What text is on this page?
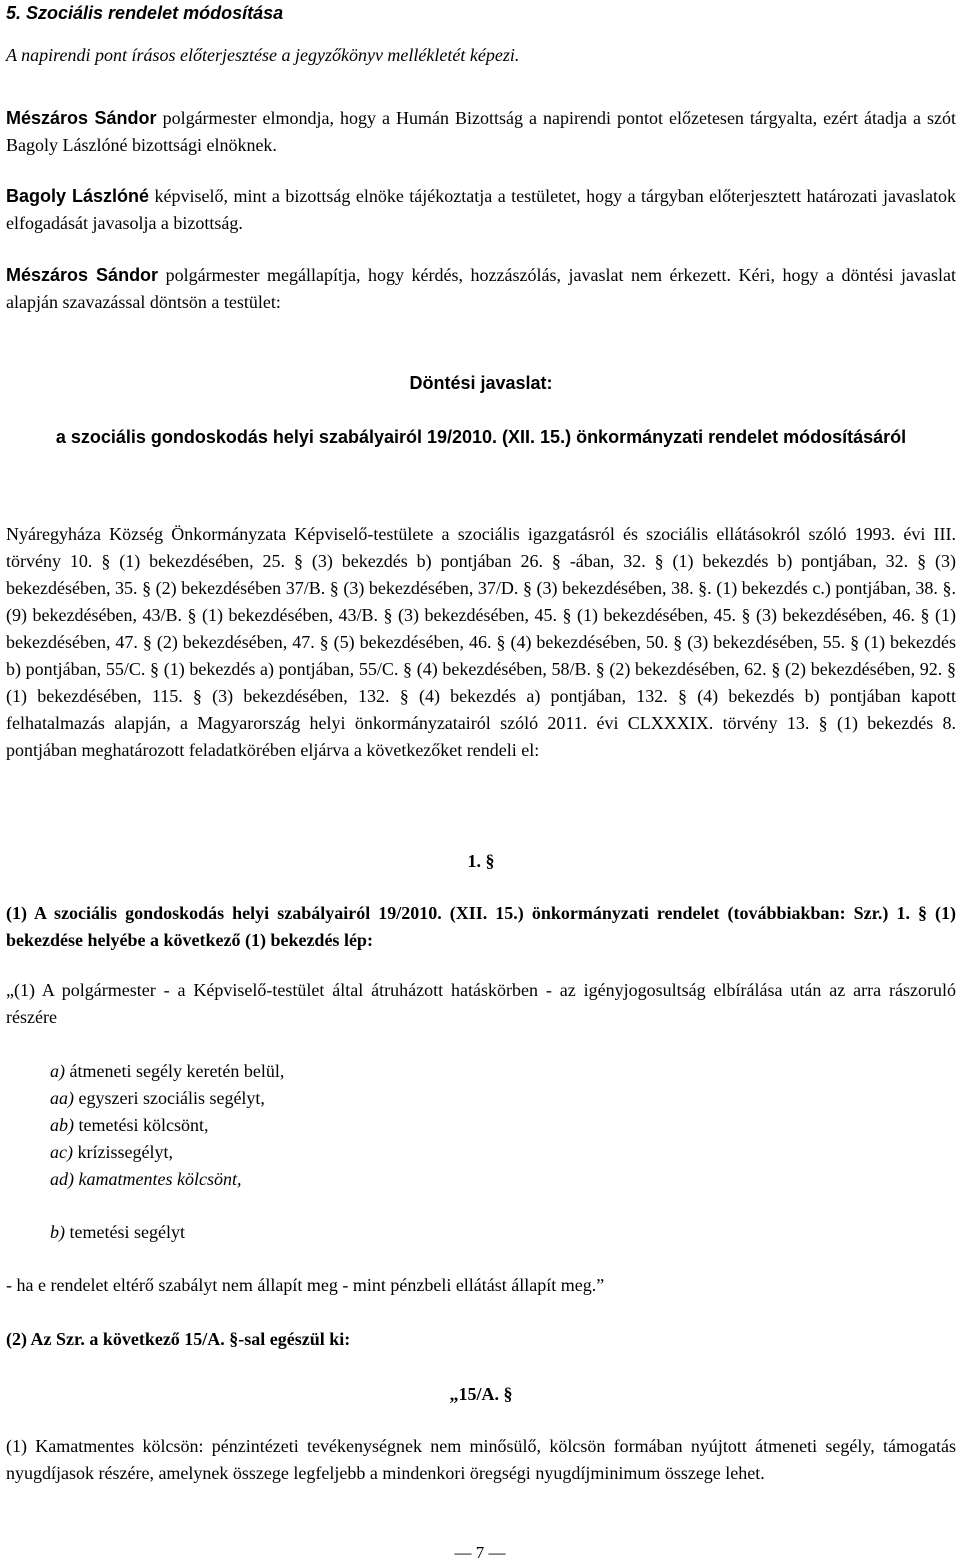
5. Szociális rendelet módosítása
A napirendi pont írásos előterjesztése a jegyzőkönyv mellékletét képezi.
Mészáros Sándor polgármester elmondja, hogy a Humán Bizottság a napirendi pontot előzetesen tárgyalta, ezért átadja a szót Bagoly Lászlóné bizottsági elnöknek.
Bagoly Lászlóné képviselő, mint a bizottság elnöke tájékoztatja a testületet, hogy a tárgyban előterjesztett határozati javaslatok elfogadását javasolja a bizottság.
Mészáros Sándor polgármester megállapítja, hogy kérdés, hozzászólás, javaslat nem érkezett. Kéri, hogy a döntési javaslat alapján szavazással döntsön a testület:
Döntési javaslat:
a szociális gondoskodás helyi szabályairól 19/2010. (XII. 15.) önkormányzati rendelet módosításáról
Nyáregyháza Község Önkormányzata Képviselő-testülete a szociális igazgatásról és szociális ellátásokról szóló 1993. évi III. törvény 10. § (1) bekezdésében, 25. § (3) bekezdés b) pontjában 26. § -ában, 32. § (1) bekezdés b) pontjában, 32. § (3) bekezdésében, 35. § (2) bekezdésében 37/B. § (3) bekezdésében, 37/D. § (3) bekezdésében, 38. §. (1) bekezdés c.) pontjában, 38. §. (9) bekezdésében, 43/B. § (1) bekezdésében, 43/B. § (3) bekezdésében, 45. § (1) bekezdésében, 45. § (3) bekezdésében, 46. § (1) bekezdésében, 47. § (2) bekezdésében, 47. § (5) bekezdésében, 46. § (4) bekezdésében, 50. § (3) bekezdésében, 55. § (1) bekezdés b) pontjában, 55/C. § (1) bekezdés a) pontjában, 55/C. § (4) bekezdésében, 58/B. § (2) bekezdésében, 62. § (2) bekezdésében, 92. § (1) bekezdésében, 115. § (3) bekezdésében, 132. § (4) bekezdés a) pontjában, 132. § (4) bekezdés b) pontjában kapott felhatalmazás alapján, a Magyarország helyi önkormányzatairól szóló 2011. évi CLXXXIX. törvény 13. § (1) bekezdés 8. pontjában meghatározott feladatkörében eljárva a következőket rendeli el:
1. §
(1) A szociális gondoskodás helyi szabályairól 19/2010. (XII. 15.) önkormányzati rendelet (továbbiakban: Szr.) 1. § (1) bekezdése helyébe a következő (1) bekezdés lép:
„(1) A polgármester - a Képviselő-testület által átruházott hatáskörben - az igényjogosultság elbírálása után az arra rászoruló részére
a) átmeneti segély keretén belül,
aa) egyszeri szociális segélyt,
ab) temetési kölcsönt,
ac) krízissegélyt,
ad) kamatmentes kölcsönt,
b) temetési segélyt
- ha e rendelet eltérő szabályt nem állapít meg - mint pénzbeli ellátást állapít meg.”
(2) Az Szr. a következő 15/A. §-sal egészül ki:
„15/A. §
(1) Kamatmentes kölcsön: pénzintézeti tevékenységnek nem minősülő, kölcsön formában nyújtott átmeneti segély, támogatás nyugdíjasok részére, amelynek összege legfeljebb a mindenkori öregségi nyugdíjminimum összege lehet.
— 7 —
